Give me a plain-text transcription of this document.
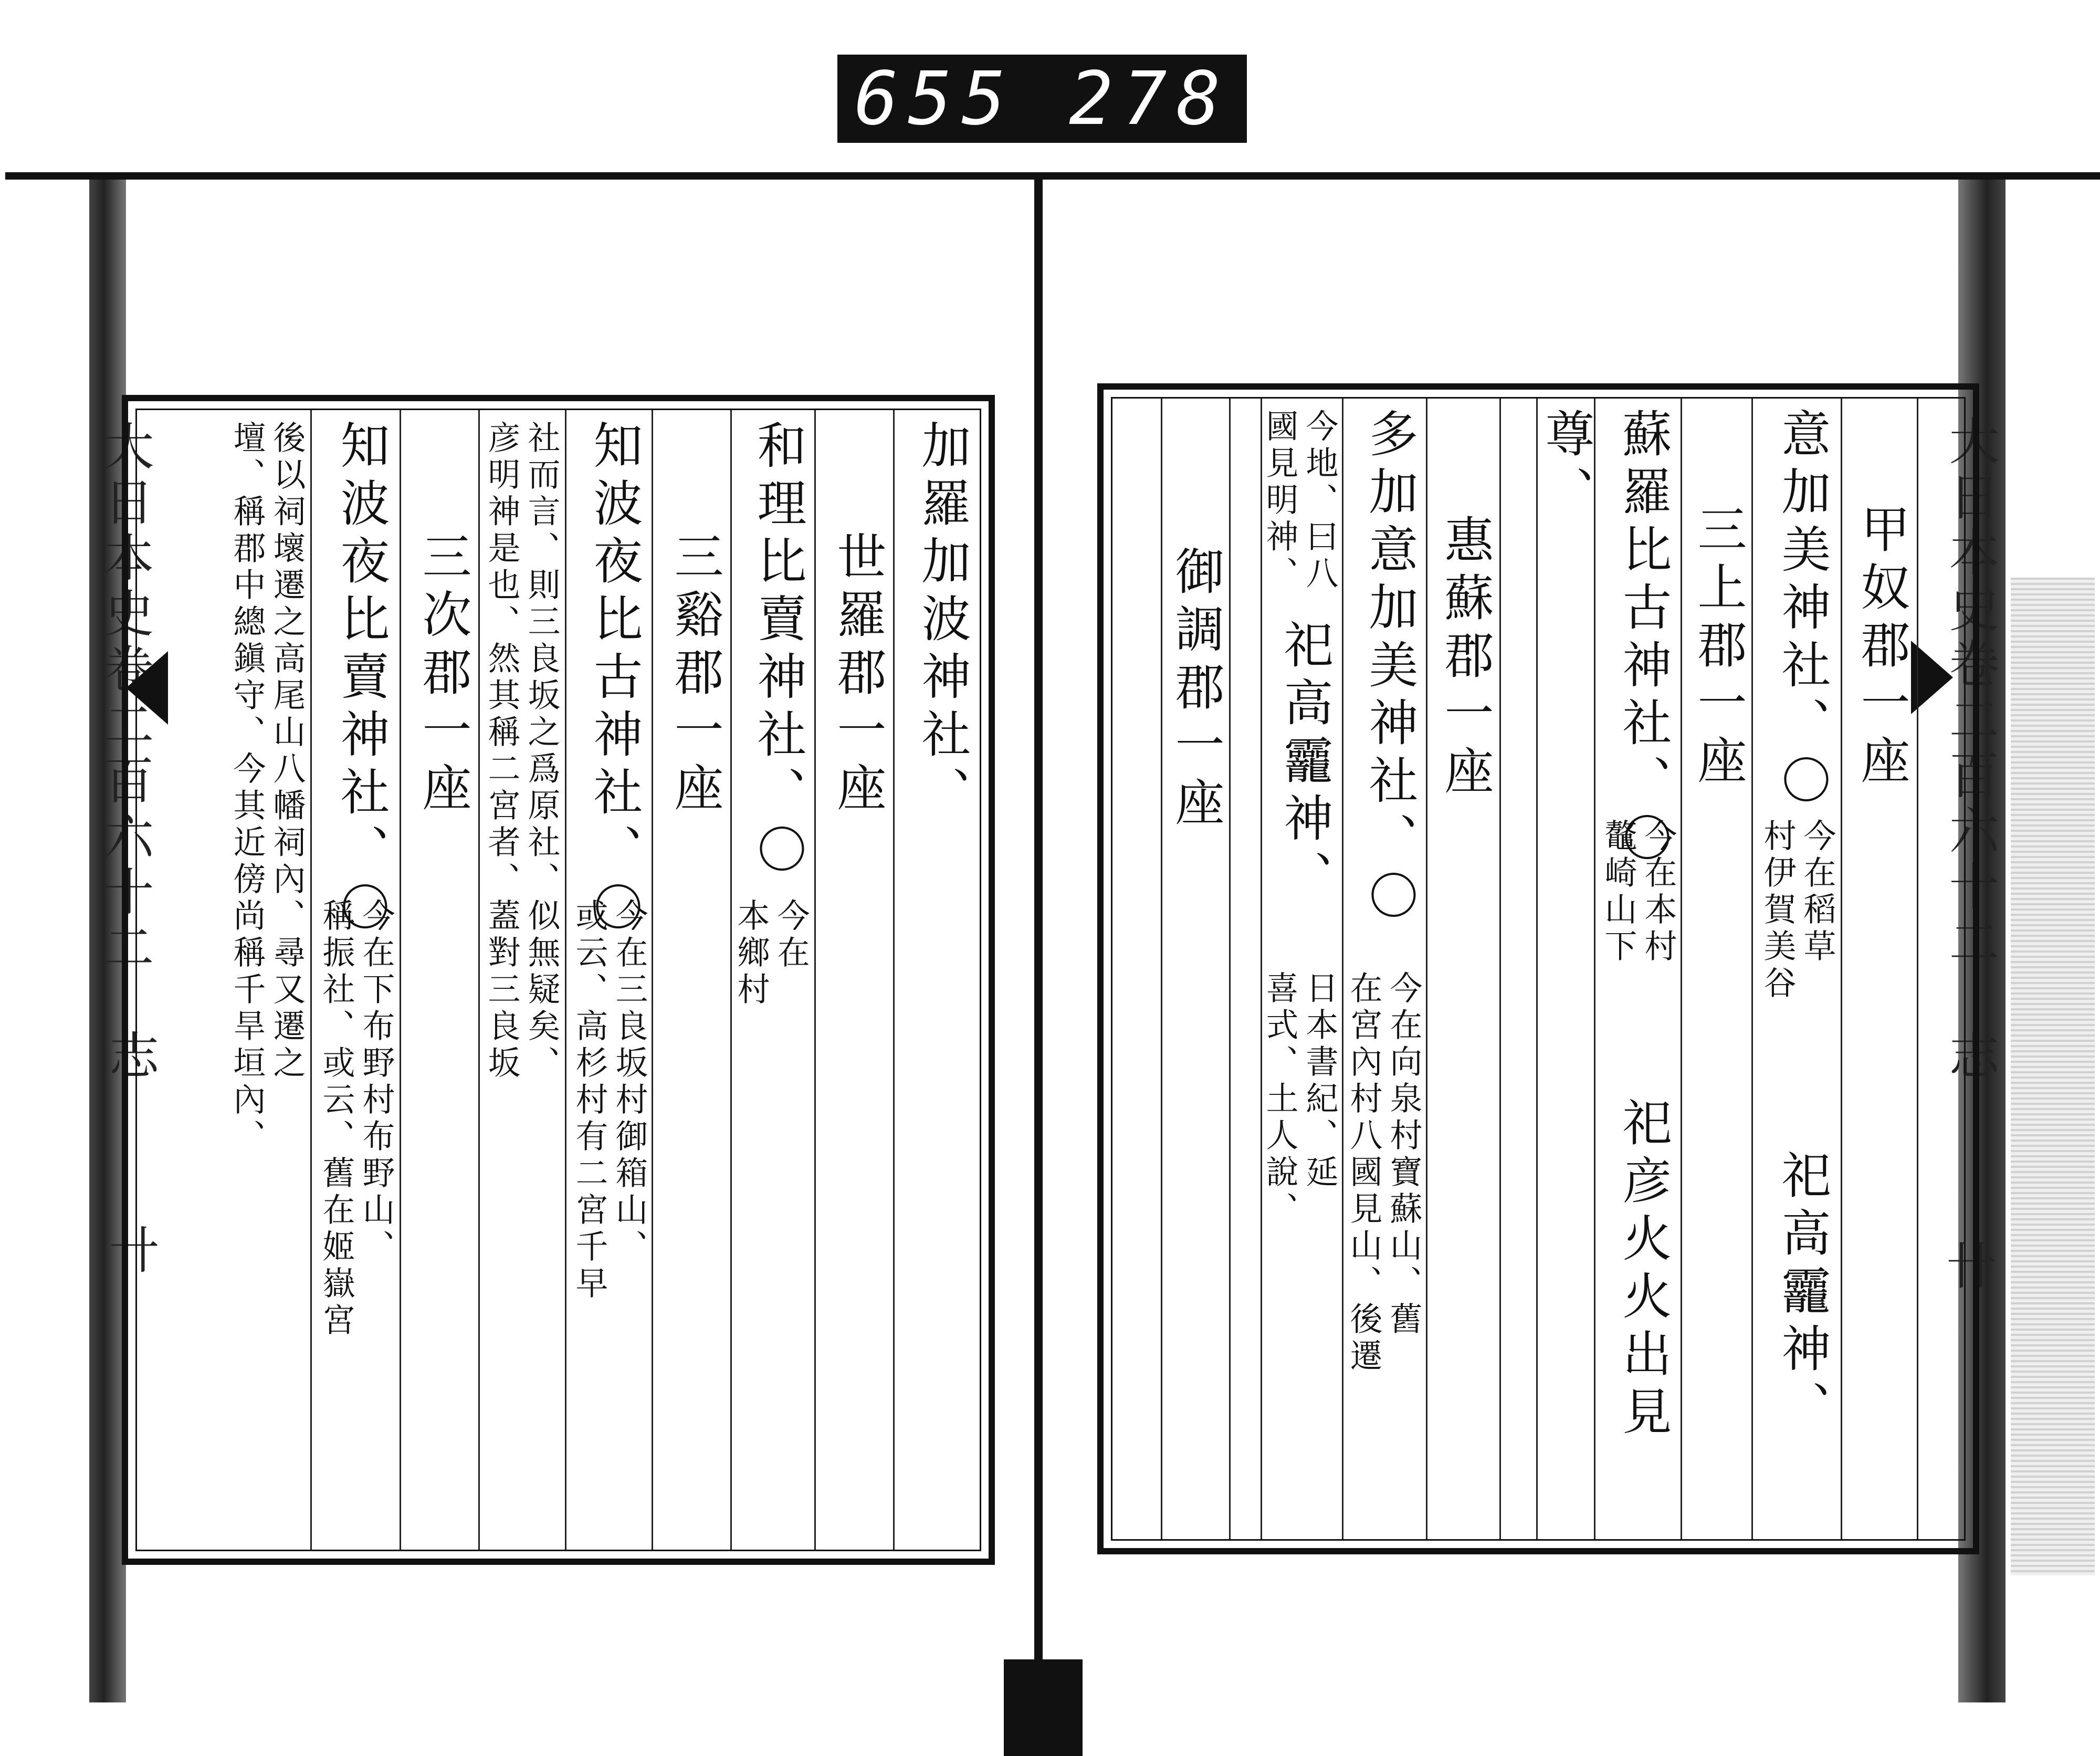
655 278
大日本史卷二百六十二
志
卄
大日本史卷二百六十二
志
卄
甲奴郡一座
意加美神社、〇
今在稻草
村伊賀美谷
祀高龗神、
三上郡一座
蘇羅比古神社、〇
今在本村
鼇崎山下
祀彦火火出見
尊、
惠蘇郡一座
多加意加美神社、〇
今在向泉村寶蘇山、舊
在宮內村八國見山、後遷
今地、曰八
國見明神、
祀高龗神、
日本書紀、延
喜式、土人說、
御調郡一座
加羅加波神社、
世羅郡一座
和理比賣神社、〇
今在
本鄉村
三谿郡一座
知波夜比古神社、〇
今在三良坂村御箱山、
或云、高杉村有二宮千早
社而言、則三良坂之爲原社、似無疑矣、
彦明神是也、然其稱二宮者、蓋對三良坂
三次郡一座
知波夜比賣神社、〇
今在下布野村布野山、
稱振社、或云、舊在姬嶽宮
後以祠壞遷之高尾山八幡祠內、尋又遷之
壇、稱郡中總鎭守、今其近傍尚稱千旱垣內、
